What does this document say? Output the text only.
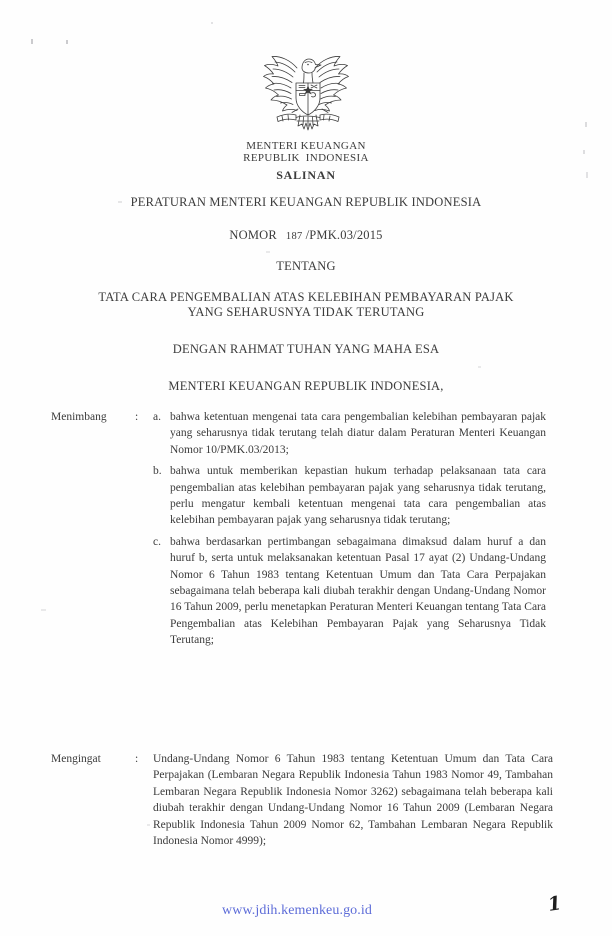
MENTERI KEUANGAN
REPUBLIK INDONESIA
SALINAN
PERATURAN MENTERI KEUANGAN REPUBLIK INDONESIA
NOMOR 187 /PMK.03/2015
TENTANG
TATA CARA PENGEMBALIAN ATAS KELEBIHAN PEMBAYARAN PAJAK
YANG SEHARUSNYA TIDAK TERUTANG
DENGAN RAHMAT TUHAN YANG MAHA ESA
MENTERI KEUANGAN REPUBLIK INDONESIA,
Menimbang	:	a. bahwa ketentuan mengenai tata cara pengembalian kelebihan pembayaran pajak yang seharusnya tidak terutang telah diatur dalam Peraturan Menteri Keuangan Nomor 10/PMK.03/2013;
b. bahwa untuk memberikan kepastian hukum terhadap pelaksanaan tata cara pengembalian atas kelebihan pembayaran pajak yang seharusnya tidak terutang, perlu mengatur kembali ketentuan mengenai tata cara pengembalian atas kelebihan pembayaran pajak yang seharusnya tidak terutang;
c. bahwa berdasarkan pertimbangan sebagaimana dimaksud dalam huruf a dan huruf b, serta untuk melaksanakan ketentuan Pasal 17 ayat (2) Undang-Undang Nomor 6 Tahun 1983 tentang Ketentuan Umum dan Tata Cara Perpajakan sebagaimana telah beberapa kali diubah terakhir dengan Undang-Undang Nomor 16 Tahun 2009, perlu menetapkan Peraturan Menteri Keuangan tentang Tata Cara Pengembalian atas Kelebihan Pembayaran Pajak yang Seharusnya Tidak Terutang;
Mengingat	:	Undang-Undang Nomor 6 Tahun 1983 tentang Ketentuan Umum dan Tata Cara Perpajakan (Lembaran Negara Republik Indonesia Tahun 1983 Nomor 49, Tambahan Lembaran Negara Republik Indonesia Nomor 3262) sebagaimana telah beberapa kali diubah terakhir dengan Undang-Undang Nomor 16 Tahun 2009 (Lembaran Negara Republik Indonesia Tahun 2009 Nomor 62, Tambahan Lembaran Negara Republik Indonesia Nomor 4999);
www.jdih.kemenkeu.go.id	1
